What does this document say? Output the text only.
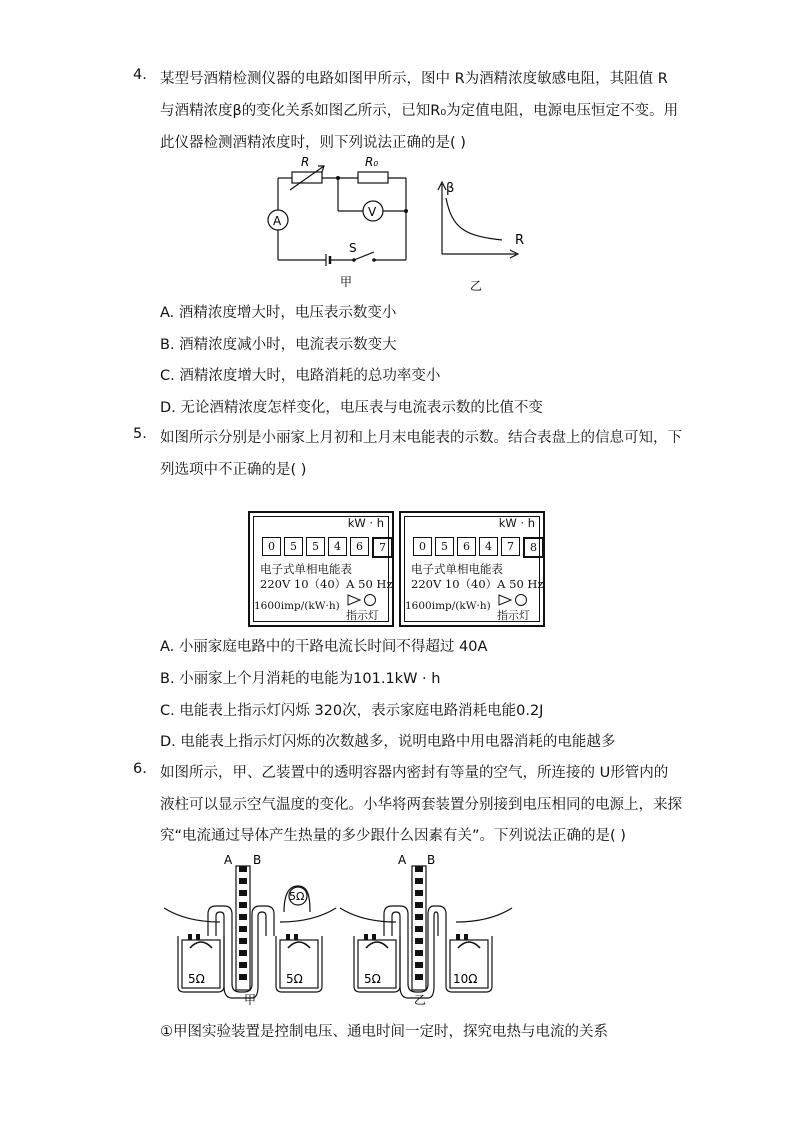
4. 某型号酒精检测仪器的电路如图甲所示，图中 R为酒精浓度敏感电阻，其阻值 R
与酒精浓度β的变化关系如图乙所示，已知R₀为定值电阻，电源电压恒定不变。用
此仪器检测酒精浓度时，则下列说法正确的是( )
R	R₀
A
V
S
甲
β
R
乙
A. 酒精浓度增大时，电压表示数变小
B. 酒精浓度减小时，电流表示数变大
C. 酒精浓度增大时，电路消耗的总功率变小
D. 无论酒精浓度怎样变化，电压表与电流表示数的比值不变
5. 如图所示分别是小丽家上月初和上月末电能表的示数。结合表盘上的信息可知，下
列选项中不正确的是( )
kW · h
0	5	5	4	6	7
电子式单相电能表
220V 10（40）A 50 Hz
1600imp/(kW·h)
指示灯
kW · h
0	5	6	4	7	8
电子式单相电能表
220V 10（40）A 50 Hz
1600imp/(kW·h)
指示灯
A. 小丽家庭电路中的干路电流长时间不得超过 40A
B. 小丽家上个月消耗的电能为101.1kW · h
C. 电能表上指示灯闪烁 320次，表示家庭电路消耗电能0.2J
D. 电能表上指示灯闪烁的次数越多，说明电路中用电器消耗的电能越多
6. 如图所示，甲、乙装置中的透明容器内密封有等量的空气，所连接的 U形管内的
液柱可以显示空气温度的变化。小华将两套装置分别接到电压相同的电源上，来探
究“电流通过导体产生热量的多少跟什么因素有关”。下列说法正确的是( )
A B
5Ω
5Ω	5Ω
甲
A B
5Ω	10Ω
乙
①甲图实验装置是控制电压、通电时间一定时，探究电热与电流的关系
